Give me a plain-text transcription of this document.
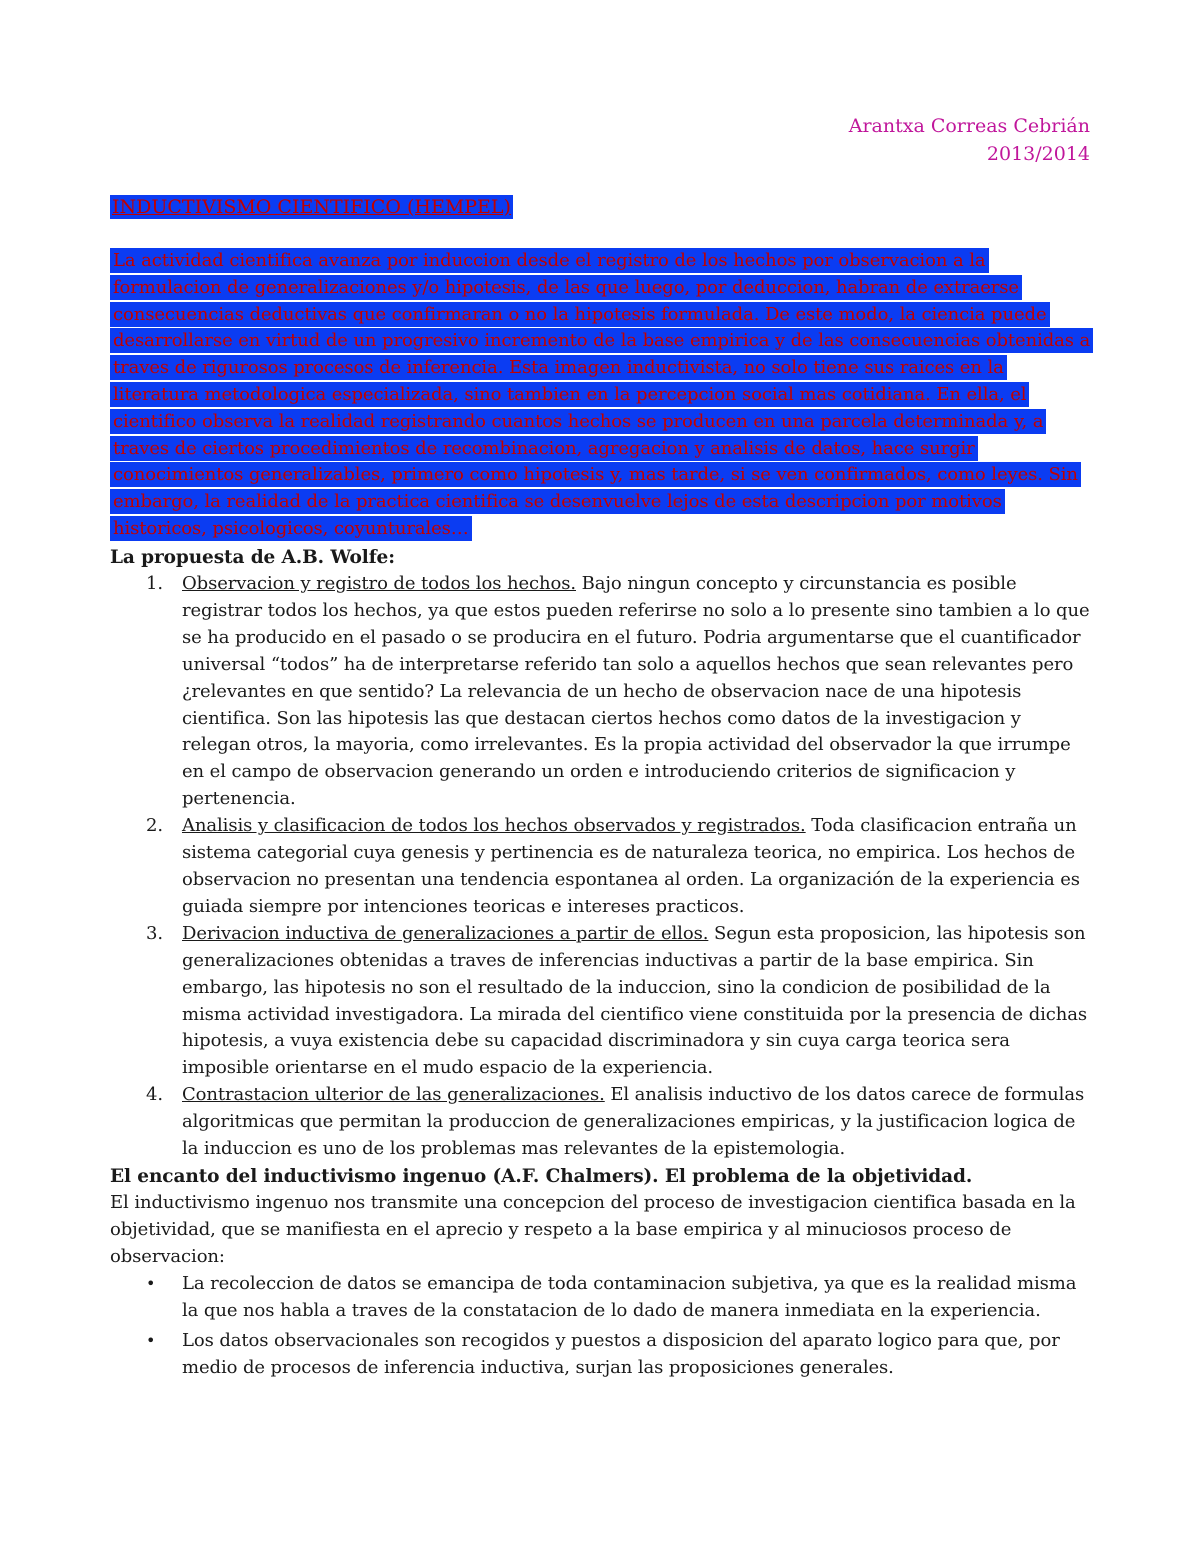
Arantxa Correas Cebrián
2013/2014
INDUCTIVISMO CIENTIFICO (HEMPEL)
La actividad cientifica avanza por induccion desde el registro de los hechos por observacion a la formulacion de generalizaciones y/o hipotesis, de las que luego, por deduccion, habran de extraerse consecuencias deductivas que confirmaran o no la hipotesis formulada. De este modo, la ciencia puede desarrollarse en virtud de un progresivo incremento de la base empirica y de las consecuencias obtenidas a traves de rigurosos procesos de inferencia. Esta imagen inductivista, no solo tiene sus raices en la literatura metodologica especializada, sino tambien en la percepcion social mas cotidiana. En ella, el cientifico observa la realidad registrando cuantos hechos se producen en una parcela determinada y, a traves de ciertos procedimientos de recombinacion, agregacion y analisis de datos, hace surgir conocimientos generalizables, primero como hipotesis y, mas tarde, si se ven confirmados, como leyes. Sin embargo, la realidad de la practica cientifica se desenvuelve lejos de esta descripcion por motivos historicos, psicologicos, coyunturales…
La propuesta de A.B. Wolfe:
1. Observacion y registro de todos los hechos. Bajo ningun concepto y circunstancia es posible registrar todos los hechos, ya que estos pueden referirse no solo a lo presente sino tambien a lo que se ha producido en el pasado o se producira en el futuro. Podria argumentarse que el cuantificador universal “todos” ha de interpretarse referido tan solo a aquellos hechos que sean relevantes pero ¿relevantes en que sentido? La relevancia de un hecho de observacion nace de una hipotesis cientifica. Son las hipotesis las que destacan ciertos hechos como datos de la investigacion y relegan otros, la mayoria, como irrelevantes. Es la propia actividad del observador la que irrumpe en el campo de observacion generando un orden e introduciendo criterios de significacion y pertenencia.
2. Analisis y clasificacion de todos los hechos observados y registrados. Toda clasificacion entraña un sistema categorial cuya genesis y pertinencia es de naturaleza teorica, no empirica. Los hechos de observacion no presentan una tendencia espontanea al orden. La organización de la experiencia es guiada siempre por intenciones teoricas e intereses practicos.
3. Derivacion inductiva de generalizaciones a partir de ellos. Segun esta proposicion, las hipotesis son generalizaciones obtenidas a traves de inferencias inductivas a partir de la base empirica. Sin embargo, las hipotesis no son el resultado de la induccion, sino la condicion de posibilidad de la misma actividad investigadora. La mirada del cientifico viene constituida por la presencia de dichas hipotesis, a vuya existencia debe su capacidad discriminadora y sin cuya carga teorica sera imposible orientarse en el mudo espacio de la experiencia.
4. Contrastacion ulterior de las generalizaciones. El analisis inductivo de los datos carece de formulas algoritmicas que permitan la produccion de generalizaciones empiricas, y la justificacion logica de la induccion es uno de los problemas mas relevantes de la epistemologia.
El encanto del inductivismo ingenuo (A.F. Chalmers). El problema de la objetividad.

El inductivismo ingenuo nos transmite una concepcion del proceso de investigacion cientifica basada en la objetividad, que se manifiesta en el aprecio y respeto a la base empirica y al minuciosos proceso de observacion:

• La recoleccion de datos se emancipa de toda contaminacion subjetiva, ya que es la realidad misma la que nos habla a traves de la constatacion de lo dado de manera inmediata en la experiencia.
• Los datos observacionales son recogidos y puestos a disposicion del aparato logico para que, por medio de procesos de inferencia inductiva, surjan las proposiciones generales.
